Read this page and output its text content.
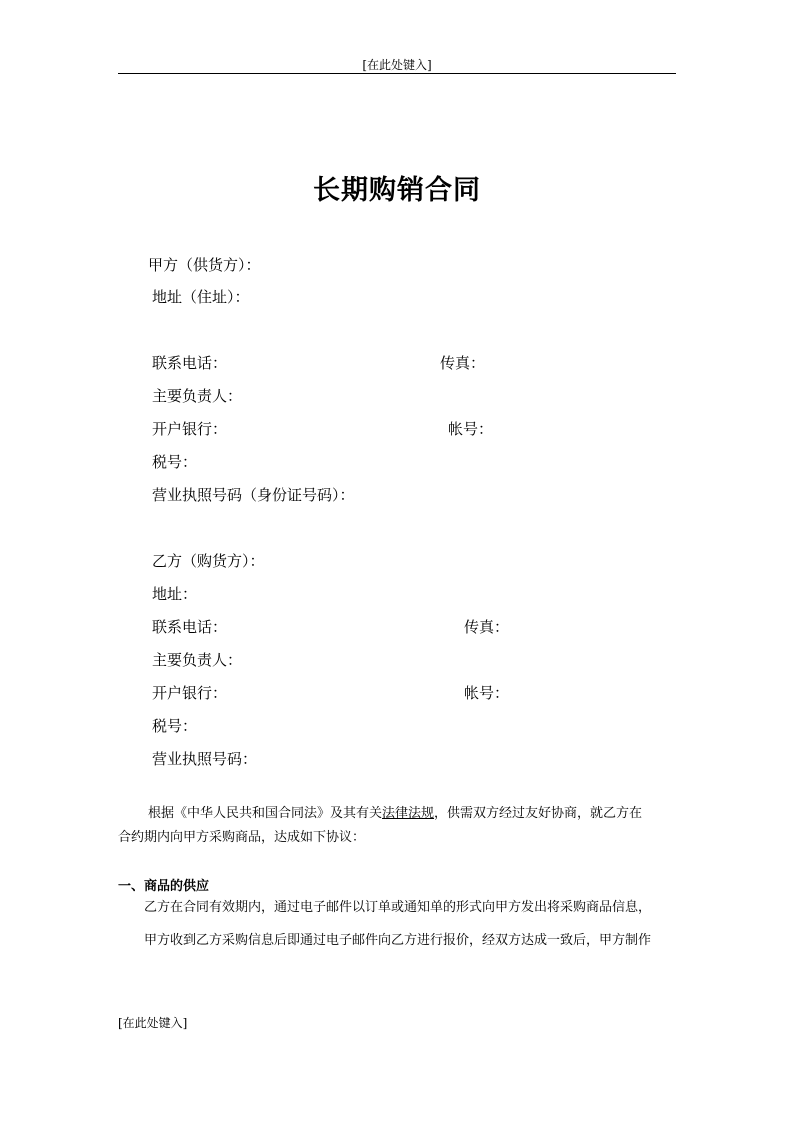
[在此处键入]
长期购销合同
甲方（供货方）：
地址（住址）：
联系电话：	传真：
主要负责人：
开户银行：	帐号：
税号：
营业执照号码（身份证号码）：
乙方（购货方）：
地址：
联系电话：	传真：
主要负责人：
开户银行：	帐号：
税号：
营业执照号码：
根据《中华人民共和国合同法》及其有关法律法规，供需双方经过友好协商，就乙方在
合约期内向甲方采购商品，达成如下协议：
一、商品的供应
乙方在合同有效期内，通过电子邮件以订单或通知单的形式向甲方发出将采购商品信息，
甲方收到乙方采购信息后即通过电子邮件向乙方进行报价，经双方达成一致后，甲方制作
[在此处键入]
